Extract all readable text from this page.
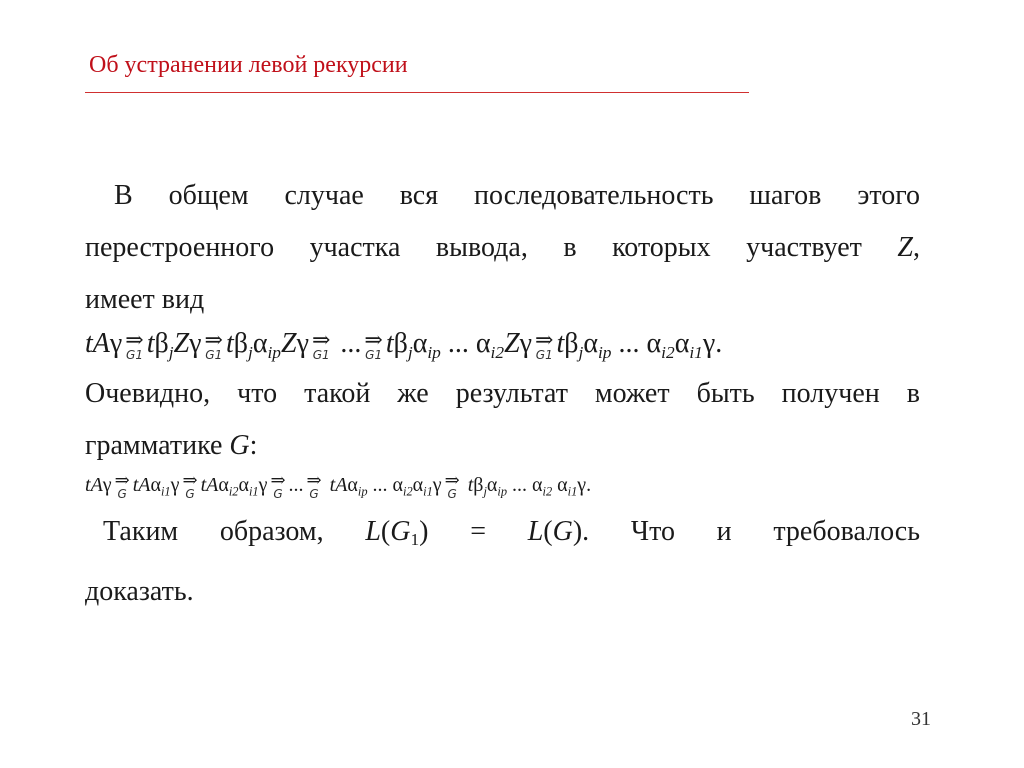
Об устранении левой рекурсии
В общем случае вся последовательность шагов этого
перестроенного участка вывода, в которых участвует Z,
имеет вид
tAγ ⇒
G1 $t\beta_jZ\gamma$ ⇒
G1 $t\beta_j\alpha_{ip}Z\gamma$ ⇒
G1 ... ⇒
G1 $t\beta_j\alpha_{ip}$ ... $\alpha_{i2}Z\gamma$ ⇒
G1 $t\beta_j\alpha_{ip}$ ... $\alpha_{i2}\alpha_{i1}\gamma$.
Очевидно, что такой же результат может быть получен в
грамматике G:
tAγ ⇒
G tAα$_{i1}$γ ⇒
G $tA\alpha_{i2}\alpha_{i1}\gamma$ ⇒
G ... ⇒
G tAα$_{ip}$ ... $\alpha_{i2}\alpha_{i1}\gamma$ ⇒
G $t\beta_j\alpha_{ip}$ ... $\alpha_{i2}$ $\alpha_{i1}\gamma$.
Таким образом, $L(G_1) = L(G)$. Что и требовалось
доказать.
31
